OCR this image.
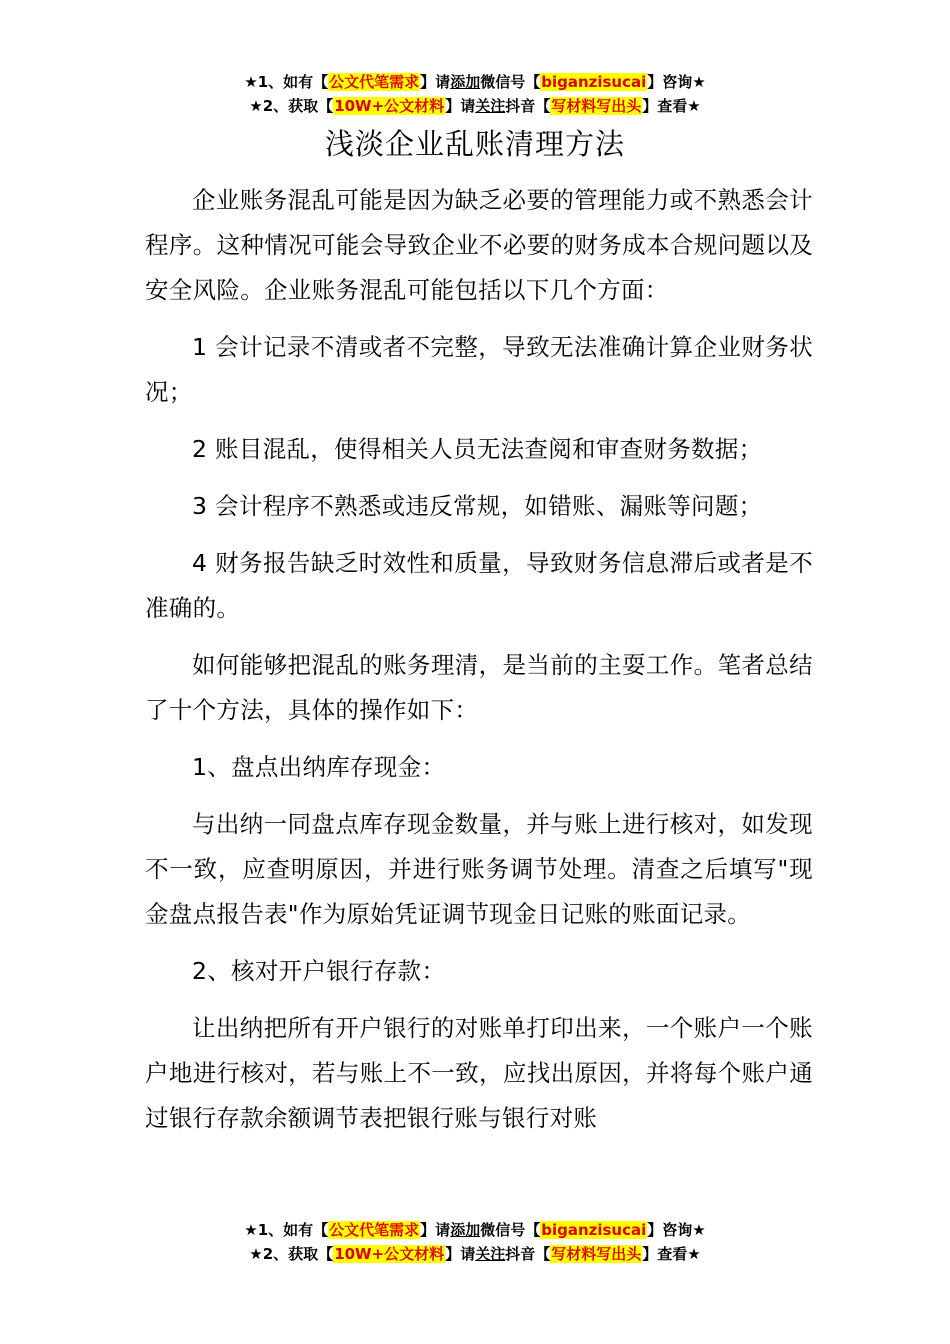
★1、如有【公文代笔需求】请添加微信号【biganzisucai】咨询★
★2、获取【10W+公文材料】请关注抖音【写材料写出头】查看★
浅淡企业乱账清理方法

企业账务混乱可能是因为缺乏必要的管理能力或不熟悉会计程序。这种情况可能会导致企业不必要的财务成本合规问题以及安全风险。企业账务混乱可能包括以下几个方面：

1 会计记录不清或者不完整，导致无法准确计算企业财务状况；

2 账目混乱，使得相关人员无法查阅和审查财务数据；

3 会计程序不熟悉或违反常规，如错账、漏账等问题；

4 财务报告缺乏时效性和质量，导致财务信息滞后或者是不准确的。

如何能够把混乱的账务理清，是当前的主耍工作。笔者总结了十个方法，具体的操作如下：

1、盘点出纳库存现金：

与出纳一同盘点库存现金数量，并与账上进行核对，如发现不一致，应查明原因，并进行账务调节处理。清查之后填写"现金盘点报告表"作为原始凭证调节现金日记账的账面记录。

2、核对开户银行存款：

让出纳把所有开户银行的对账单打印出来，一个账户一个账户地进行核对，若与账上不一致，应找出原因，并将每个账户通过银行存款余额调节表把银行账与银行对账

★1、如有【公文代笔需求】请添加微信号【biganzisucai】咨询★
★2、获取【10W+公文材料】请关注抖音【写材料写出头】查看★
